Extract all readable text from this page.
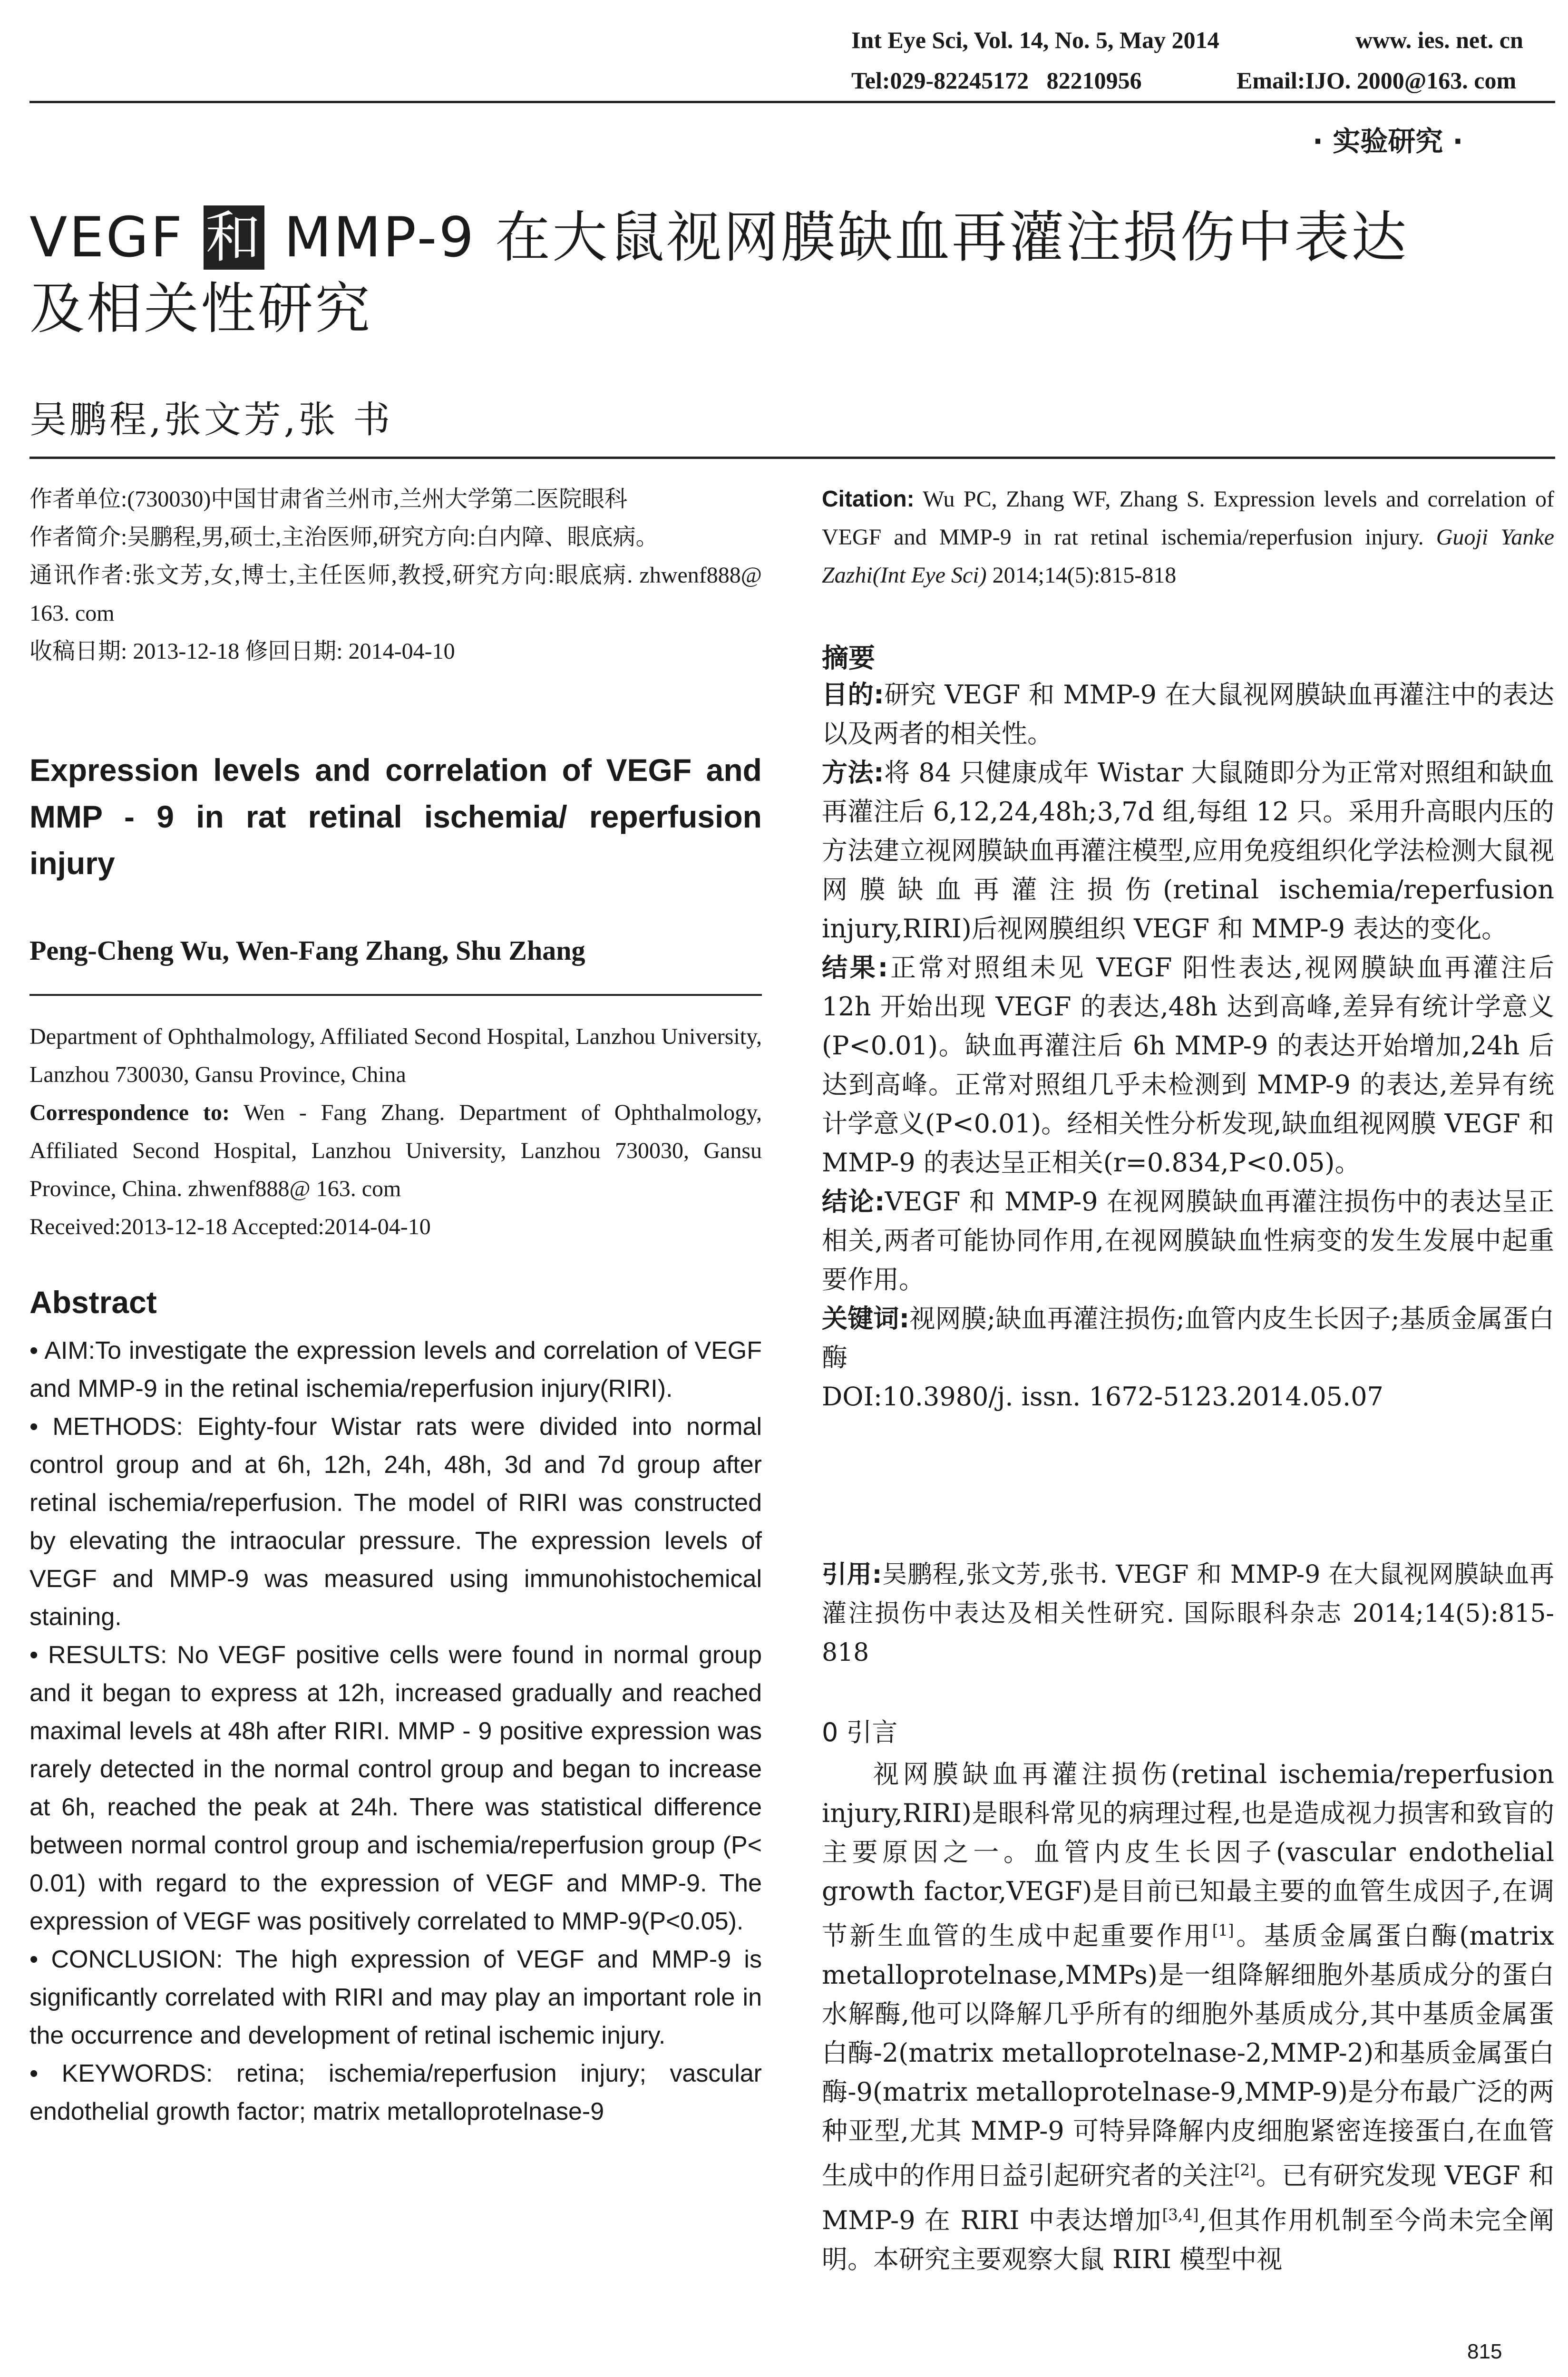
Int Eye Sci, Vol. 14, No. 5, May 2014	www. ies. net. cn
Tel:029-82245172   82210956	Email:IJO. 2000@163. com
· 实验研究 ·
VEGF 和 MMP-9 在大鼠视网膜缺血再灌注损伤中表达
及相关性研究
吴鹏程,张文芳,张 书
作者单位:(730030)中国甘肃省兰州市,兰州大学第二医院眼科
作者简介:吴鹏程,男,硕士,主治医师,研究方向:白内障、眼底病。
通讯作者:张文芳,女,博士,主任医师,教授,研究方向:眼底病. zhwenf888@ 163. com
收稿日期: 2013-12-18 修回日期: 2014-04-10
Expression levels and correlation of VEGF and MMP - 9 in rat retinal ischemia/ reperfusion injury
Peng-Cheng Wu, Wen-Fang Zhang, Shu Zhang
Department of Ophthalmology, Affiliated Second Hospital, Lanzhou University, Lanzhou 730030, Gansu Province, China
Correspondence to: Wen - Fang Zhang. Department of Ophthalmology, Affiliated Second Hospital, Lanzhou University, Lanzhou 730030, Gansu Province, China. zhwenf888@ 163. com
Received:2013-12-18 Accepted:2014-04-10
Abstract
• AIM:To investigate the expression levels and correlation of VEGF and MMP-9 in the retinal ischemia/reperfusion injury(RIRI).
• METHODS: Eighty-four Wistar rats were divided into normal control group and at 6h, 12h, 24h, 48h, 3d and 7d group after retinal ischemia/reperfusion. The model of RIRI was constructed by elevating the intraocular pressure. The expression levels of VEGF and MMP-9 was measured using immunohistochemical staining.
• RESULTS: No VEGF positive cells were found in normal group and it began to express at 12h, increased gradually and reached maximal levels at 48h after RIRI. MMP - 9 positive expression was rarely detected in the normal control group and began to increase at 6h, reached the peak at 24h. There was statistical difference between normal control group and ischemia/reperfusion group (P< 0.01) with regard to the expression of VEGF and MMP-9. The expression of VEGF was positively correlated to MMP-9(P<0.05).
• CONCLUSION: The high expression of VEGF and MMP-9 is significantly correlated with RIRI and may play an important role in the occurrence and development of retinal ischemic injury.
• KEYWORDS: retina; ischemia/reperfusion injury; vascular endothelial growth factor; matrix metalloprotelnase-9
Citation: Wu PC, Zhang WF, Zhang S. Expression levels and correlation of VEGF and MMP-9 in rat retinal ischemia/reperfusion injury. Guoji Yanke Zazhi(Int Eye Sci) 2014;14(5):815-818
摘要
目的:研究 VEGF 和 MMP-9 在大鼠视网膜缺血再灌注中的表达以及两者的相关性。
方法:将 84 只健康成年 Wistar 大鼠随即分为正常对照组和缺血再灌注后 6,12,24,48h;3,7d 组,每组 12 只。采用升高眼内压的方法建立视网膜缺血再灌注模型,应用免疫组织化学法检测大鼠视网膜缺血再灌注损伤(retinal ischemia/reperfusion injury,RIRI)后视网膜组织 VEGF 和 MMP-9 表达的变化。
结果:正常对照组未见 VEGF 阳性表达,视网膜缺血再灌注后 12h 开始出现 VEGF 的表达,48h 达到高峰,差异有统计学意义(P<0.01)。缺血再灌注后 6h MMP-9 的表达开始增加,24h 后达到高峰。正常对照组几乎未检测到 MMP-9 的表达,差异有统计学意义(P<0.01)。经相关性分析发现,缺血组视网膜 VEGF 和 MMP-9 的表达呈正相关(r=0.834,P<0.05)。
结论:VEGF 和 MMP-9 在视网膜缺血再灌注损伤中的表达呈正相关,两者可能协同作用,在视网膜缺血性病变的发生发展中起重要作用。
关键词:视网膜;缺血再灌注损伤;血管内皮生长因子;基质金属蛋白酶
DOI:10.3980/j. issn. 1672-5123.2014.05.07
引用:吴鹏程,张文芳,张书. VEGF 和 MMP-9 在大鼠视网膜缺血再灌注损伤中表达及相关性研究. 国际眼科杂志 2014;14(5):815-818
0 引言
视网膜缺血再灌注损伤(retinal ischemia/reperfusion injury,RIRI)是眼科常见的病理过程,也是造成视力损害和致盲的主要原因之一。血管内皮生长因子(vascular endothelial growth factor,VEGF)是目前已知最主要的血管生成因子,在调节新生血管的生成中起重要作用[1]。基质金属蛋白酶(matrix metalloprotelnase,MMPs)是一组降解细胞外基质成分的蛋白水解酶,他可以降解几乎所有的细胞外基质成分,其中基质金属蛋白酶-2(matrix metalloprotelnase-2,MMP-2)和基质金属蛋白酶-9(matrix metalloprotelnase-9,MMP-9)是分布最广泛的两种亚型,尤其 MMP-9 可特异降解内皮细胞紧密连接蛋白,在血管生成中的作用日益引起研究者的关注[2]。已有研究发现 VEGF 和 MMP-9 在 RIRI 中表达增加[3,4],但其作用机制至今尚未完全阐明。本研究主要观察大鼠 RIRI 模型中视
815
